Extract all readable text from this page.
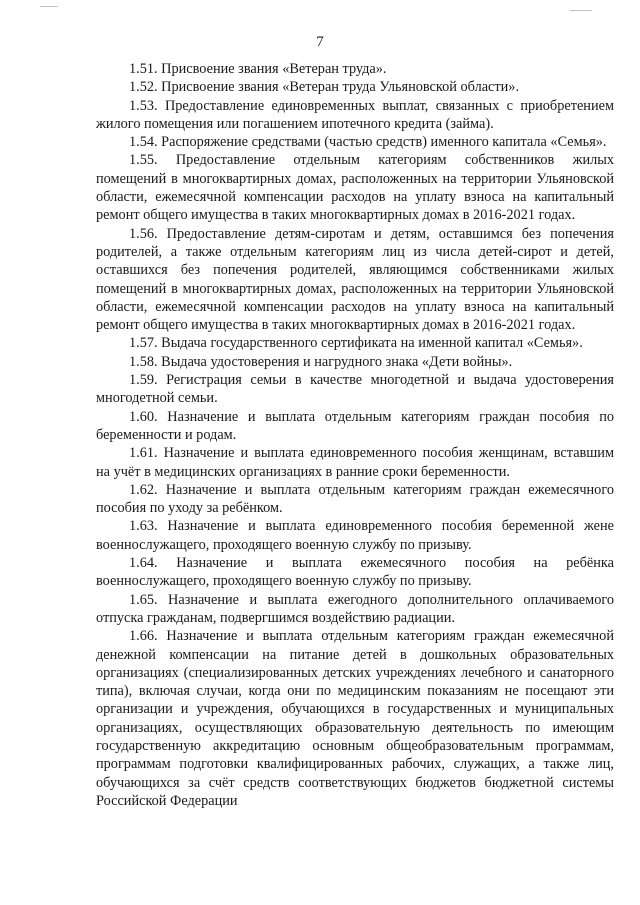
7

1.51. Присвоение звания «Ветеран труда».

1.52. Присвоение звания «Ветеран труда Ульяновской области».

1.53. Предоставление единовременных выплат, связанных с приобретением жилого помещения или погашением ипотечного кредита (займа).

1.54. Распоряжение средствами (частью средств) именного капитала «Семья».

1.55. Предоставление отдельным категориям собственников жилых помещений в многоквартирных домах, расположенных на территории Ульяновской области, ежемесячной компенсации расходов на уплату взноса на капитальный ремонт общего имущества в таких многоквартирных домах в 2016-2021 годах.

1.56. Предоставление детям-сиротам и детям, оставшимся без попечения родителей, а также отдельным категориям лиц из числа детей-сирот и детей, оставшихся без попечения родителей, являющимся собственниками жилых помещений в многоквартирных домах, расположенных на территории Ульяновской области, ежемесячной компенсации расходов на уплату взноса на капитальный ремонт общего имущества в таких многоквартирных домах в 2016-2021 годах.

1.57. Выдача государственного сертификата на именной капитал «Семья».

1.58. Выдача удостоверения и нагрудного знака «Дети войны».

1.59. Регистрация семьи в качестве многодетной и выдача удостоверения многодетной семьи.

1.60. Назначение и выплата отдельным категориям граждан пособия по беременности и родам.

1.61. Назначение и выплата единовременного пособия женщинам, вставшим на учёт в медицинских организациях в ранние сроки беременности.

1.62. Назначение и выплата отдельным категориям граждан ежемесячного пособия по уходу за ребёнком.

1.63. Назначение и выплата единовременного пособия беременной жене военнослужащего, проходящего военную службу по призыву.

1.64. Назначение и выплата ежемесячного пособия на ребёнка военнослужащего, проходящего военную службу по призыву.

1.65. Назначение и выплата ежегодного дополнительного оплачиваемого отпуска гражданам, подвергшимся воздействию радиации.

1.66. Назначение и выплата отдельным категориям граждан ежемесячной денежной компенсации на питание детей в дошкольных образовательных организациях (специализированных детских учреждениях лечебного и санаторного типа), включая случаи, когда они по медицинским показаниям не посещают эти организации и учреждения, обучающихся в государственных и муниципальных организациях, осуществляющих образовательную деятельность по имеющим государственную аккредитацию основным общеобразовательным программам, программам подготовки квалифицированных рабочих, служащих, а также лиц, обучающихся за счёт средств соответствующих бюджетов бюджетной системы Российской Федерации
